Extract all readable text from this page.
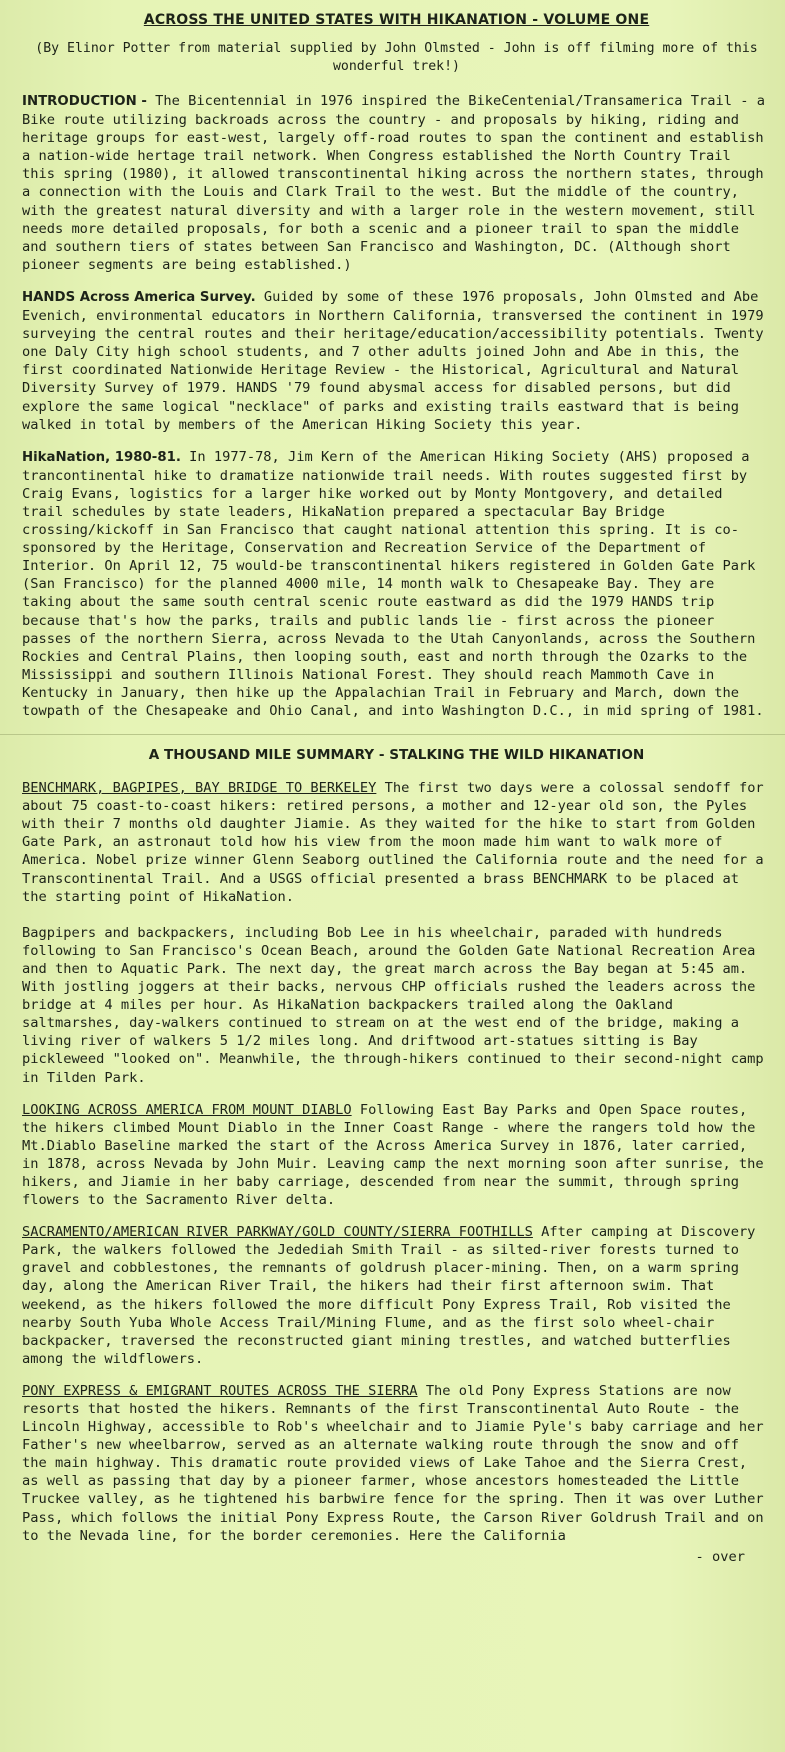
ACROSS THE UNITED STATES WITH HIKANATION - VOLUME ONE
(By Elinor Potter from material supplied by John Olmsted - John is off filming more of this wonderful trek!)

INTRODUCTION - The Bicentennial in 1976 inspired the BikeCentenial/Transamerica Trail - a Bike route utilizing backroads across the country - and proposals by hiking, riding and heritage groups for east-west, largely off-road routes to span the continent and establish a nation-wide hertage trail network. When Congress established the North Country Trail this spring (1980), it allowed transcontinental hiking across the northern states, through a connection with the Louis and Clark Trail to the west. But the middle of the country, with the greatest natural diversity and with a larger role in the western movement, still needs more detailed proposals, for both a scenic and a pioneer trail to span the middle and southern tiers of states between San Francisco and Washington, DC. (Although short pioneer segments are being established.)

HANDS Across America Survey. Guided by some of these 1976 proposals, John Olmsted and Abe Evenich, environmental educators in Northern California, transversed the continent in 1979 surveying the central routes and their heritage/education/accessibility potentials. Twenty one Daly City high school students, and 7 other adults joined John and Abe in this, the first coordinated Nationwide Heritage Review - the Historical, Agricultural and Natural Diversity Survey of 1979. HANDS '79 found abysmal access for disabled persons, but did explore the same logical "necklace" of parks and existing trails eastward that is being walked in total by members of the American Hiking Society this year.

HikaNation, 1980-81. In 1977-78, Jim Kern of the American Hiking Society (AHS) proposed a trancontinental hike to dramatize nationwide trail needs. With routes suggested first by Craig Evans, logistics for a larger hike worked out by Monty Montgovery, and detailed trail schedules by state leaders, HikaNation prepared a spectacular Bay Bridge crossing/kickoff in San Francisco that caught national attention this spring. It is co-sponsored by the Heritage, Conservation and Recreation Service of the Department of Interior. On April 12, 75 would-be transcontinental hikers registered in Golden Gate Park (San Francisco) for the planned 4000 mile, 14 month walk to Chesapeake Bay. They are taking about the same south central scenic route eastward as did the 1979 HANDS trip because that's how the parks, trails and public lands lie - first across the pioneer passes of the northern Sierra, across Nevada to the Utah Canyonlands, across the Southern Rockies and Central Plains, then looping south, east and north through the Ozarks to the Mississippi and southern Illinois National Forest. They should reach Mammoth Cave in Kentucky in January, then hike up the Appalachian Trail in February and March, down the towpath of the Chesapeake and Ohio Canal, and into Washington D.C., in mid spring of 1981.

A THOUSAND MILE SUMMARY - STALKING THE WILD HIKANATION

BENCHMARK, BAGPIPES, BAY BRIDGE TO BERKELEY The first two days were a colossal sendoff for about 75 coast-to-coast hikers: retired persons, a mother and 12-year old son, the Pyles with their 7 months old daughter Jiamie. As they waited for the hike to start from Golden Gate Park, an astronaut told how his view from the moon made him want to walk more of America. Nobel prize winner Glenn Seaborg outlined the California route and the need for a Transcontinental Trail. And a USGS official presented a brass BENCHMARK to be placed at the starting point of HikaNation.

Bagpipers and backpackers, including Bob Lee in his wheelchair, paraded with hundreds following to San Francisco's Ocean Beach, around the Golden Gate National Recreation Area and then to Aquatic Park. The next day, the great march across the Bay began at 5:45 am. With jostling joggers at their backs, nervous CHP officials rushed the leaders across the bridge at 4 miles per hour. As HikaNation backpackers trailed along the Oakland saltmarshes, day-walkers continued to stream on at the west end of the bridge, making a living river of walkers 5 1/2 miles long. And driftwood art-statues sitting is Bay pickleweed "looked on". Meanwhile, the through-hikers continued to their second-night camp in Tilden Park.

LOOKING ACROSS AMERICA FROM MOUNT DIABLO Following East Bay Parks and Open Space routes, the hikers climbed Mount Diablo in the Inner Coast Range - where the rangers told how the Mt.Diablo Baseline marked the start of the Across America Survey in 1876, later carried, in 1878, across Nevada by John Muir. Leaving camp the next morning soon after sunrise, the hikers, and Jiamie in her baby carriage, descended from near the summit, through spring flowers to the Sacramento River delta.

SACRAMENTO/AMERICAN RIVER PARKWAY/GOLD COUNTY/SIERRA FOOTHILLS After camping at Discovery Park, the walkers followed the Jedediah Smith Trail - as silted-river forests turned to gravel and cobblestones, the remnants of goldrush placer-mining. Then, on a warm spring day, along the American River Trail, the hikers had their first afternoon swim. That weekend, as the hikers followed the more difficult Pony Express Trail, Rob visited the nearby South Yuba Whole Access Trail/Mining Flume, and as the first solo wheel-chair backpacker, traversed the reconstructed giant mining trestles, and watched butterflies among the wildflowers.

PONY EXPRESS & EMIGRANT ROUTES ACROSS THE SIERRA The old Pony Express Stations are now resorts that hosted the hikers. Remnants of the first Transcontinental Auto Route - the Lincoln Highway, accessible to Rob's wheelchair and to Jiamie Pyle's baby carriage and her Father's new wheelbarrow, served as an alternate walking route through the snow and off the main highway. This dramatic route provided views of Lake Tahoe and the Sierra Crest, as well as passing that day by a pioneer farmer, whose ancestors homesteaded the Little Truckee valley, as he tightened his barbwire fence for the spring. Then it was over Luther Pass, which follows the initial Pony Express Route, the Carson River Goldrush Trail and on to the Nevada line, for the border ceremonies. Here the California

- over
